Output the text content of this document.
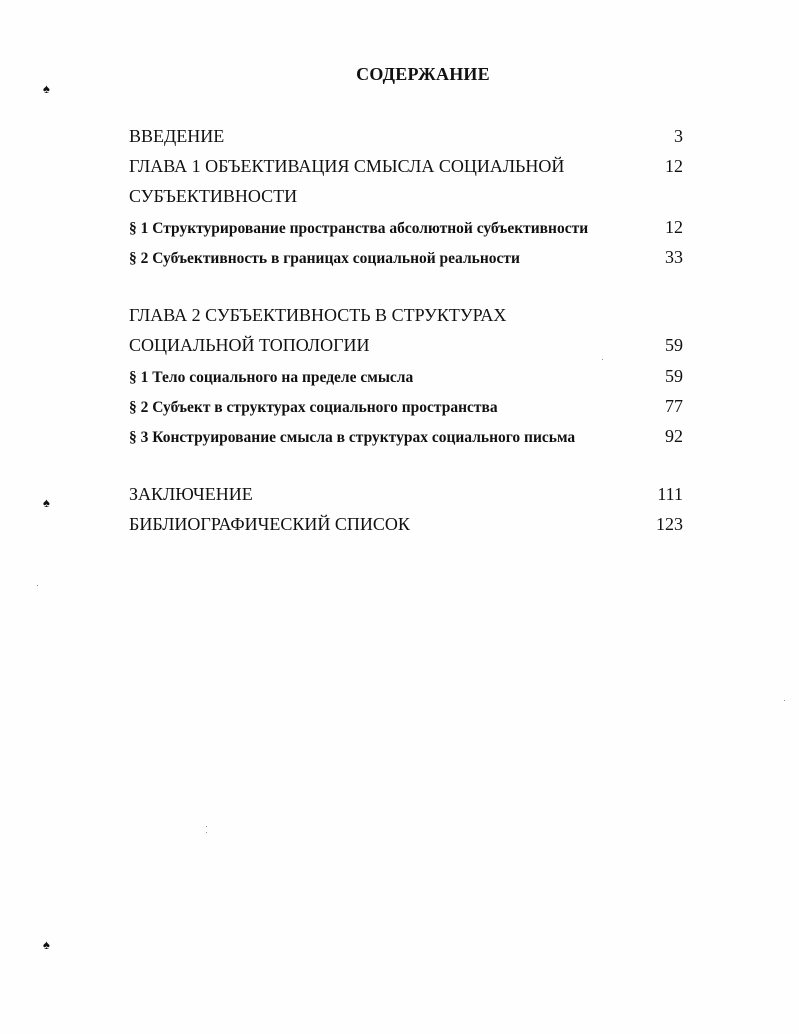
СОДЕРЖАНИЕ
ВВЕДЕНИЕ	3
ГЛАВА 1 ОБЪЕКТИВАЦИЯ СМЫСЛА СОЦИАЛЬНОЙ	12
СУБЪЕКТИВНОСТИ
§ 1 Структурирование пространства абсолютной субъективности	12
§ 2 Субъективность в границах социальной реальности	33
ГЛАВА 2 СУБЪЕКТИВНОСТЬ В СТРУКТУРАХ
СОЦИАЛЬНОЙ ТОПОЛОГИИ	59
§ 1 Тело социального на пределе смысла	59
§ 2 Субъект в структурах социального пространства	77
§ 3 Конструирование смысла в структурах социального письма	92
ЗАКЛЮЧЕНИЕ	111
БИБЛИОГРАФИЧЕСКИЙ СПИСОК	123
♠
♠
♠
